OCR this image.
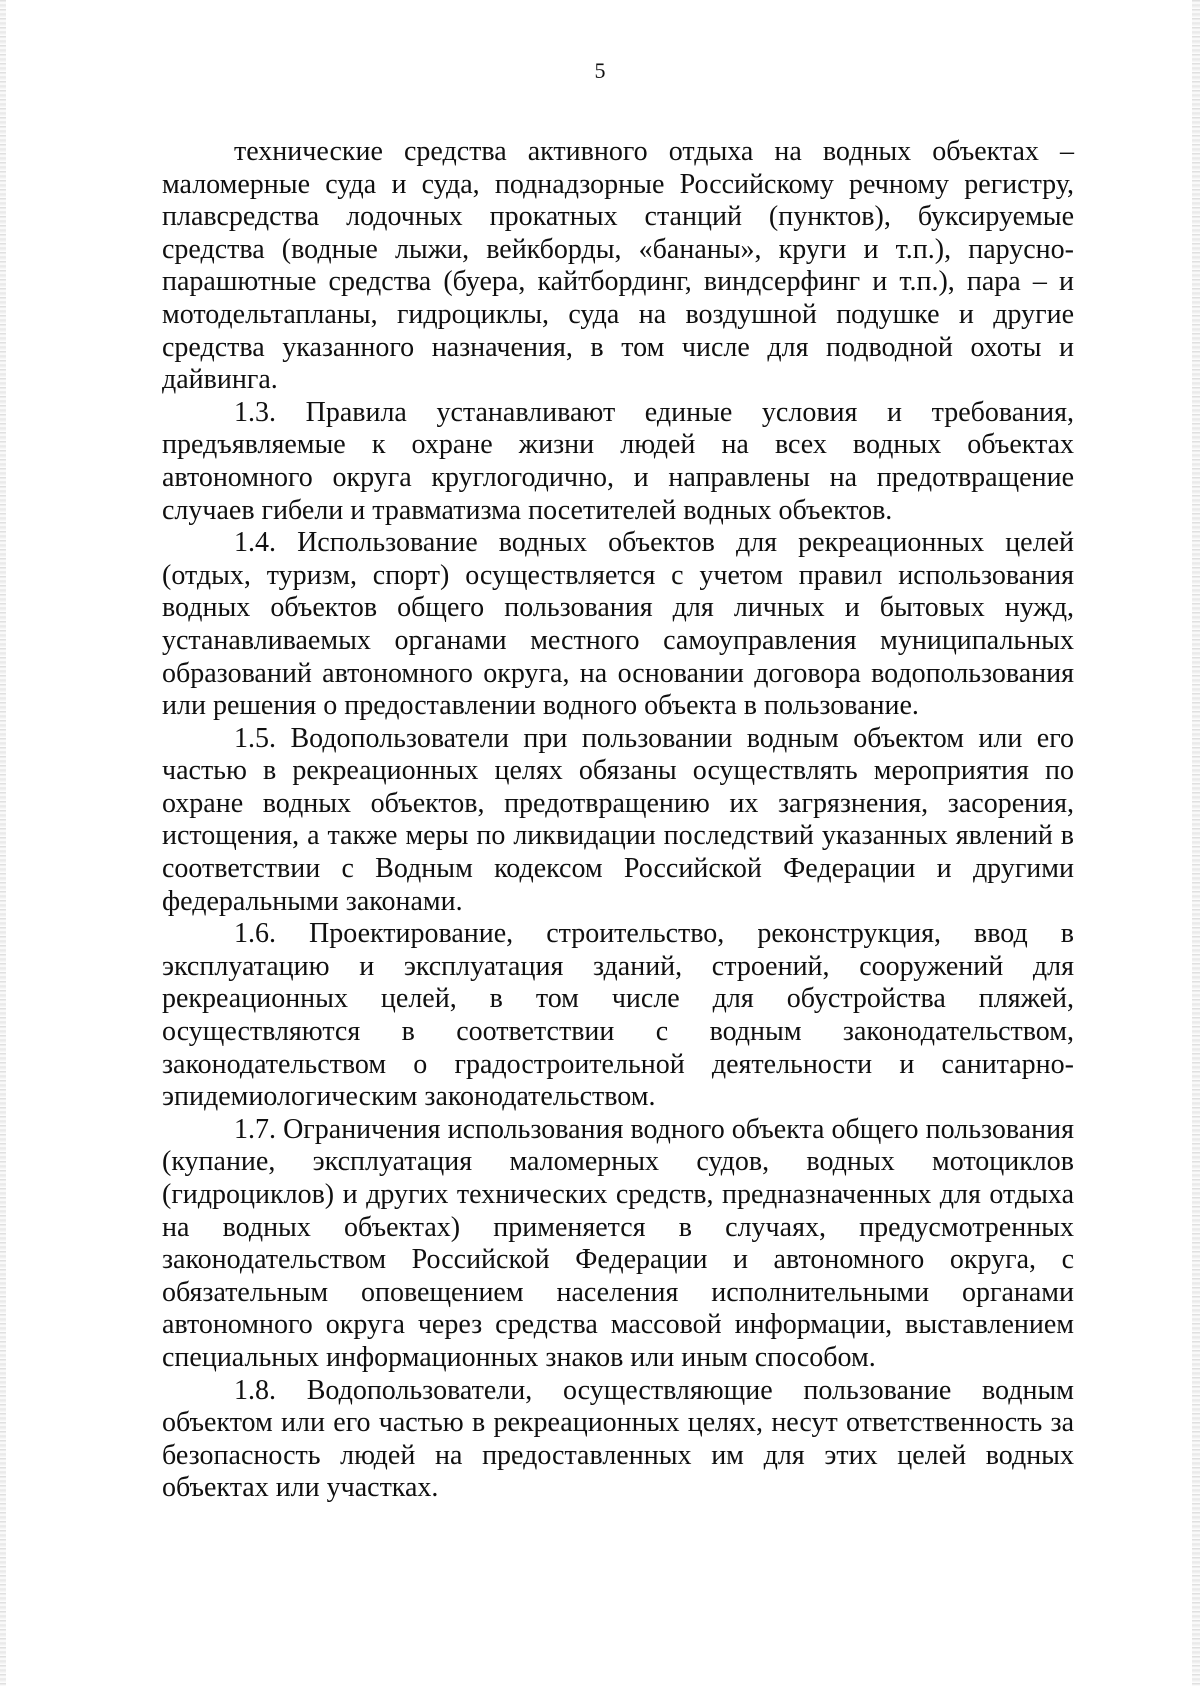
5

технические средства активного отдыха на водных объектах – маломерные суда и суда, поднадзорные Российскому речному регистру, плавсредства лодочных прокатных станций (пунктов), буксируемые средства (водные лыжи, вейкборды, «бананы», круги и т.п.), парусно-парашютные средства (буера, кайтбординг, виндсерфинг и т.п.), пара – и мотодельтапланы, гидроциклы, суда на воздушной подушке и другие средства указанного назначения, в том числе для подводной охоты и дайвинга.

1.3. Правила устанавливают единые условия и требования, предъявляемые к охране жизни людей на всех водных объектах автономного округа круглогодично, и направлены на предотвращение случаев гибели и травматизма посетителей водных объектов.

1.4. Использование водных объектов для рекреационных целей (отдых, туризм, спорт) осуществляется с учетом правил использования водных объектов общего пользования для личных и бытовых нужд, устанавливаемых органами местного самоуправления муниципальных образований автономного округа, на основании договора водопользования или решения о предоставлении водного объекта в пользование.

1.5. Водопользователи при пользовании водным объектом или его частью в рекреационных целях обязаны осуществлять мероприятия по охране водных объектов, предотвращению их загрязнения, засорения, истощения, а также меры по ликвидации последствий указанных явлений в соответствии с Водным кодексом Российской Федерации и другими федеральными законами.

1.6. Проектирование, строительство, реконструкция, ввод в эксплуатацию и эксплуатация зданий, строений, сооружений для рекреационных целей, в том числе для обустройства пляжей, осуществляются в соответствии с водным законодательством, законодательством о градостроительной деятельности и санитарно-эпидемиологическим законодательством.

1.7. Ограничения использования водного объекта общего пользования (купание, эксплуатация маломерных судов, водных мотоциклов (гидроциклов) и других технических средств, предназначенных для отдыха на водных объектах) применяется в случаях, предусмотренных законодательством Российской Федерации и автономного округа, с обязательным оповещением населения исполнительными органами автономного округа через средства массовой информации, выставлением специальных информационных знаков или иным способом.

1.8. Водопользователи, осуществляющие пользование водным объектом или его частью в рекреационных целях, несут ответственность за безопасность людей на предоставленных им для этих целей водных объектах или участках.
